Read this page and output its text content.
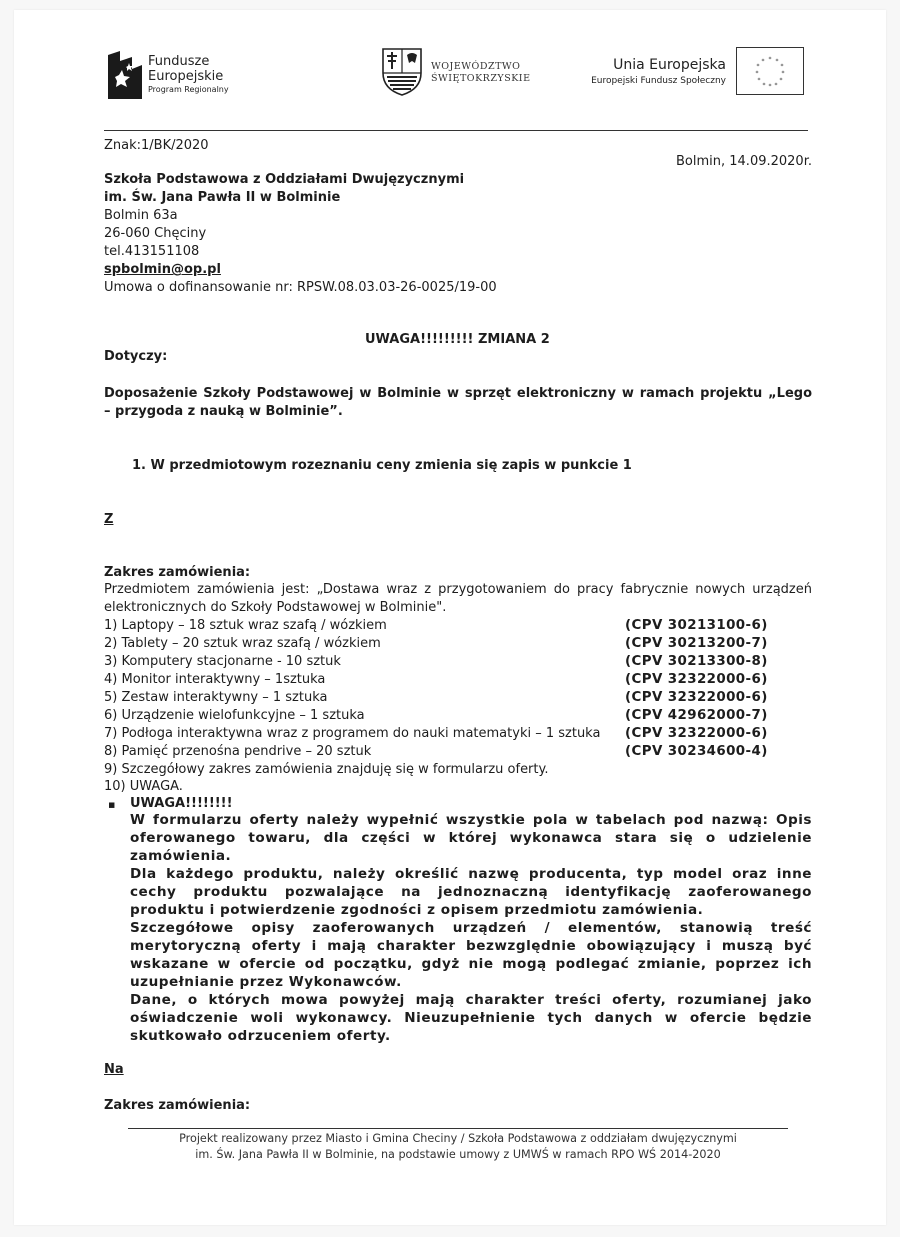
Fundusze
Europejskie
Program Regionalny
WOJEWÓDZTWO
ŚWIĘTOKRZYSKIE
Unia Europejska
Europejski Fundusz Społeczny
* *
*
*
*
*
*
*
*
*
*
*
Znak:1/BK/2020
Bolmin, 14.09.2020r.
Szkoła Podstawowa z Oddziałami Dwujęzycznymi
im. Św. Jana Pawła II w Bolminie
Bolmin 63a
26-060 Chęciny
tel.413151108
spbolmin@op.pl
Umowa o dofinansowanie nr: RPSW.08.03.03-26-0025/19-00
UWAGA!!!!!!!!! ZMIANA 2
Dotyczy:
Doposażenie Szkoły Podstawowej w Bolminie w sprzęt elektroniczny w ramach projektu „Lego
– przygoda z nauką w Bolminie”.
1. W przedmiotowym rozeznaniu ceny zmienia się zapis w punkcie 1
Z
Zakres zamówienia:
Przedmiotem zamówienia jest: „Dostawa wraz z przygotowaniem do pracy fabrycznie nowych urządzeń
elektronicznych do Szkoły Podstawowej w Bolminie".
1) Laptopy – 18 sztuk wraz szafą / wózkiem	(CPV 30213100-6)
2) Tablety – 20 sztuk wraz szafą / wózkiem	(CPV 30213200-7)
3) Komputery stacjonarne - 10 sztuk	(CPV 30213300-8)
4) Monitor interaktywny – 1sztuka	(CPV 32322000-6)
5) Zestaw interaktywny – 1 sztuka	(CPV 32322000-6)
6) Urządzenie wielofunkcyjne – 1 sztuka	(CPV 42962000-7)
7) Podłoga interaktywna wraz z programem do nauki matematyki – 1 sztuka (CPV 32322000-6)
8) Pamięć przenośna pendrive – 20 sztuk	(CPV 30234600-4)
9) Szczegółowy zakres zamówienia znajduję się w formularzu oferty.
10) UWAGA.
▪ UWAGA!!!!!!!!
W formularzu oferty należy wypełnić wszystkie pola w tabelach pod nazwą: Opis
oferowanego towaru, dla części w której wykonawca stara się o udzielenie
zamówienia.
Dla każdego produktu, należy określić nazwę producenta, typ model oraz inne
cechy produktu pozwalające na jednoznaczną identyfikację zaoferowanego
produktu i potwierdzenie zgodności z opisem przedmiotu zamówienia.
Szczegółowe opisy zaoferowanych urządzeń / elementów, stanowią treść
merytoryczną oferty i mają charakter bezwzględnie obowiązujący i muszą być
wskazane w ofercie od początku, gdyż nie mogą podlegać zmianie, poprzez ich
uzupełnianie przez Wykonawców.
Dane, o których mowa powyżej mają charakter treści oferty, rozumianej jako
oświadczenie woli wykonawcy. Nieuzupełnienie tych danych w ofercie będzie
skutkowało odrzuceniem oferty.
Na
Zakres zamówienia:
Projekt realizowany przez Miasto i Gmina Checiny / Szkoła Podstawowa z oddziałam dwujęzycznymi
im. Św. Jana Pawła II w Bolminie, na podstawie umowy z UMWŚ w ramach RPO WŚ 2014-2020
